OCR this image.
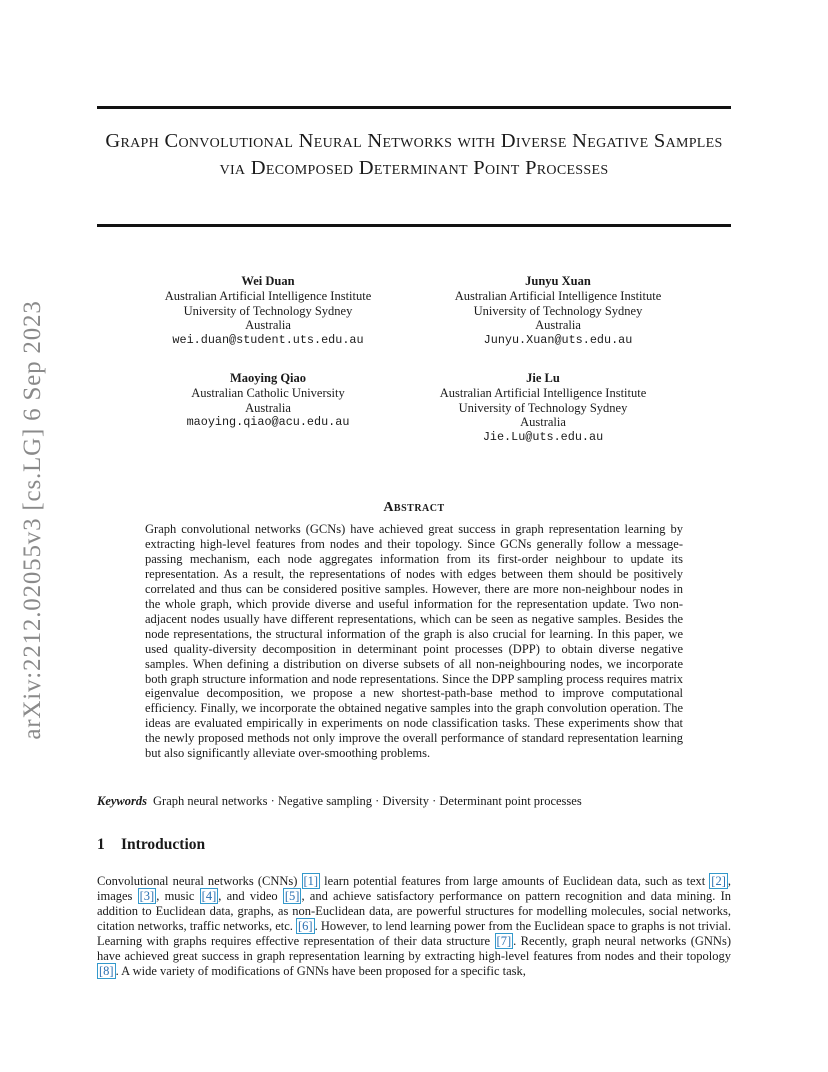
Graph Convolutional Neural Networks with Diverse Negative Samples via Decomposed Determinant Point Processes
arXiv:2212.02055v3 [cs.LG] 6 Sep 2023
Wei Duan
Australian Artificial Intelligence Institute
University of Technology Sydney
Australia
wei.duan@student.uts.edu.au
Junyu Xuan
Australian Artificial Intelligence Institute
University of Technology Sydney
Australia
Junyu.Xuan@uts.edu.au
Maoying Qiao
Australian Catholic University
Australia
maoying.qiao@acu.edu.au
Jie Lu
Australian Artificial Intelligence Institute
University of Technology Sydney
Australia
Jie.Lu@uts.edu.au
Abstract
Graph convolutional networks (GCNs) have achieved great success in graph representation learning by extracting high-level features from nodes and their topology. Since GCNs generally follow a message-passing mechanism, each node aggregates information from its first-order neighbour to update its representation. As a result, the representations of nodes with edges between them should be positively correlated and thus can be considered positive samples. However, there are more non-neighbour nodes in the whole graph, which provide diverse and useful information for the representation update. Two non-adjacent nodes usually have different representations, which can be seen as negative samples. Besides the node representations, the structural information of the graph is also crucial for learning. In this paper, we used quality-diversity decomposition in determinant point processes (DPP) to obtain diverse negative samples. When defining a distribution on diverse subsets of all non-neighbouring nodes, we incorporate both graph structure information and node representations. Since the DPP sampling process requires matrix eigenvalue decomposition, we propose a new shortest-path-base method to improve computational efficiency. Finally, we incorporate the obtained negative samples into the graph convolution operation. The ideas are evaluated empirically in experiments on node classification tasks. These experiments show that the newly proposed methods not only improve the overall performance of standard representation learning but also significantly alleviate over-smoothing problems.
Keywords Graph neural networks · Negative sampling · Diversity · Determinant point processes
1 Introduction
Convolutional neural networks (CNNs) [1] learn potential features from large amounts of Euclidean data, such as text [2] , images [3] , music [4] , and video [5] , and achieve satisfactory performance on pattern recognition and data mining. In addition to Euclidean data, graphs, as non-Euclidean data, are powerful structures for modelling molecules, social networks, citation networks, traffic networks, etc. [6] . However, to lend learning power from the Euclidean space to graphs is not trivial. Learning with graphs requires effective representation of their data structure [7] . Recently, graph neural networks (GNNs) have achieved great success in graph representation learning by extracting high-level features from nodes and their topology [8] . A wide variety of modifications of GNNs have been proposed for a specific task,
